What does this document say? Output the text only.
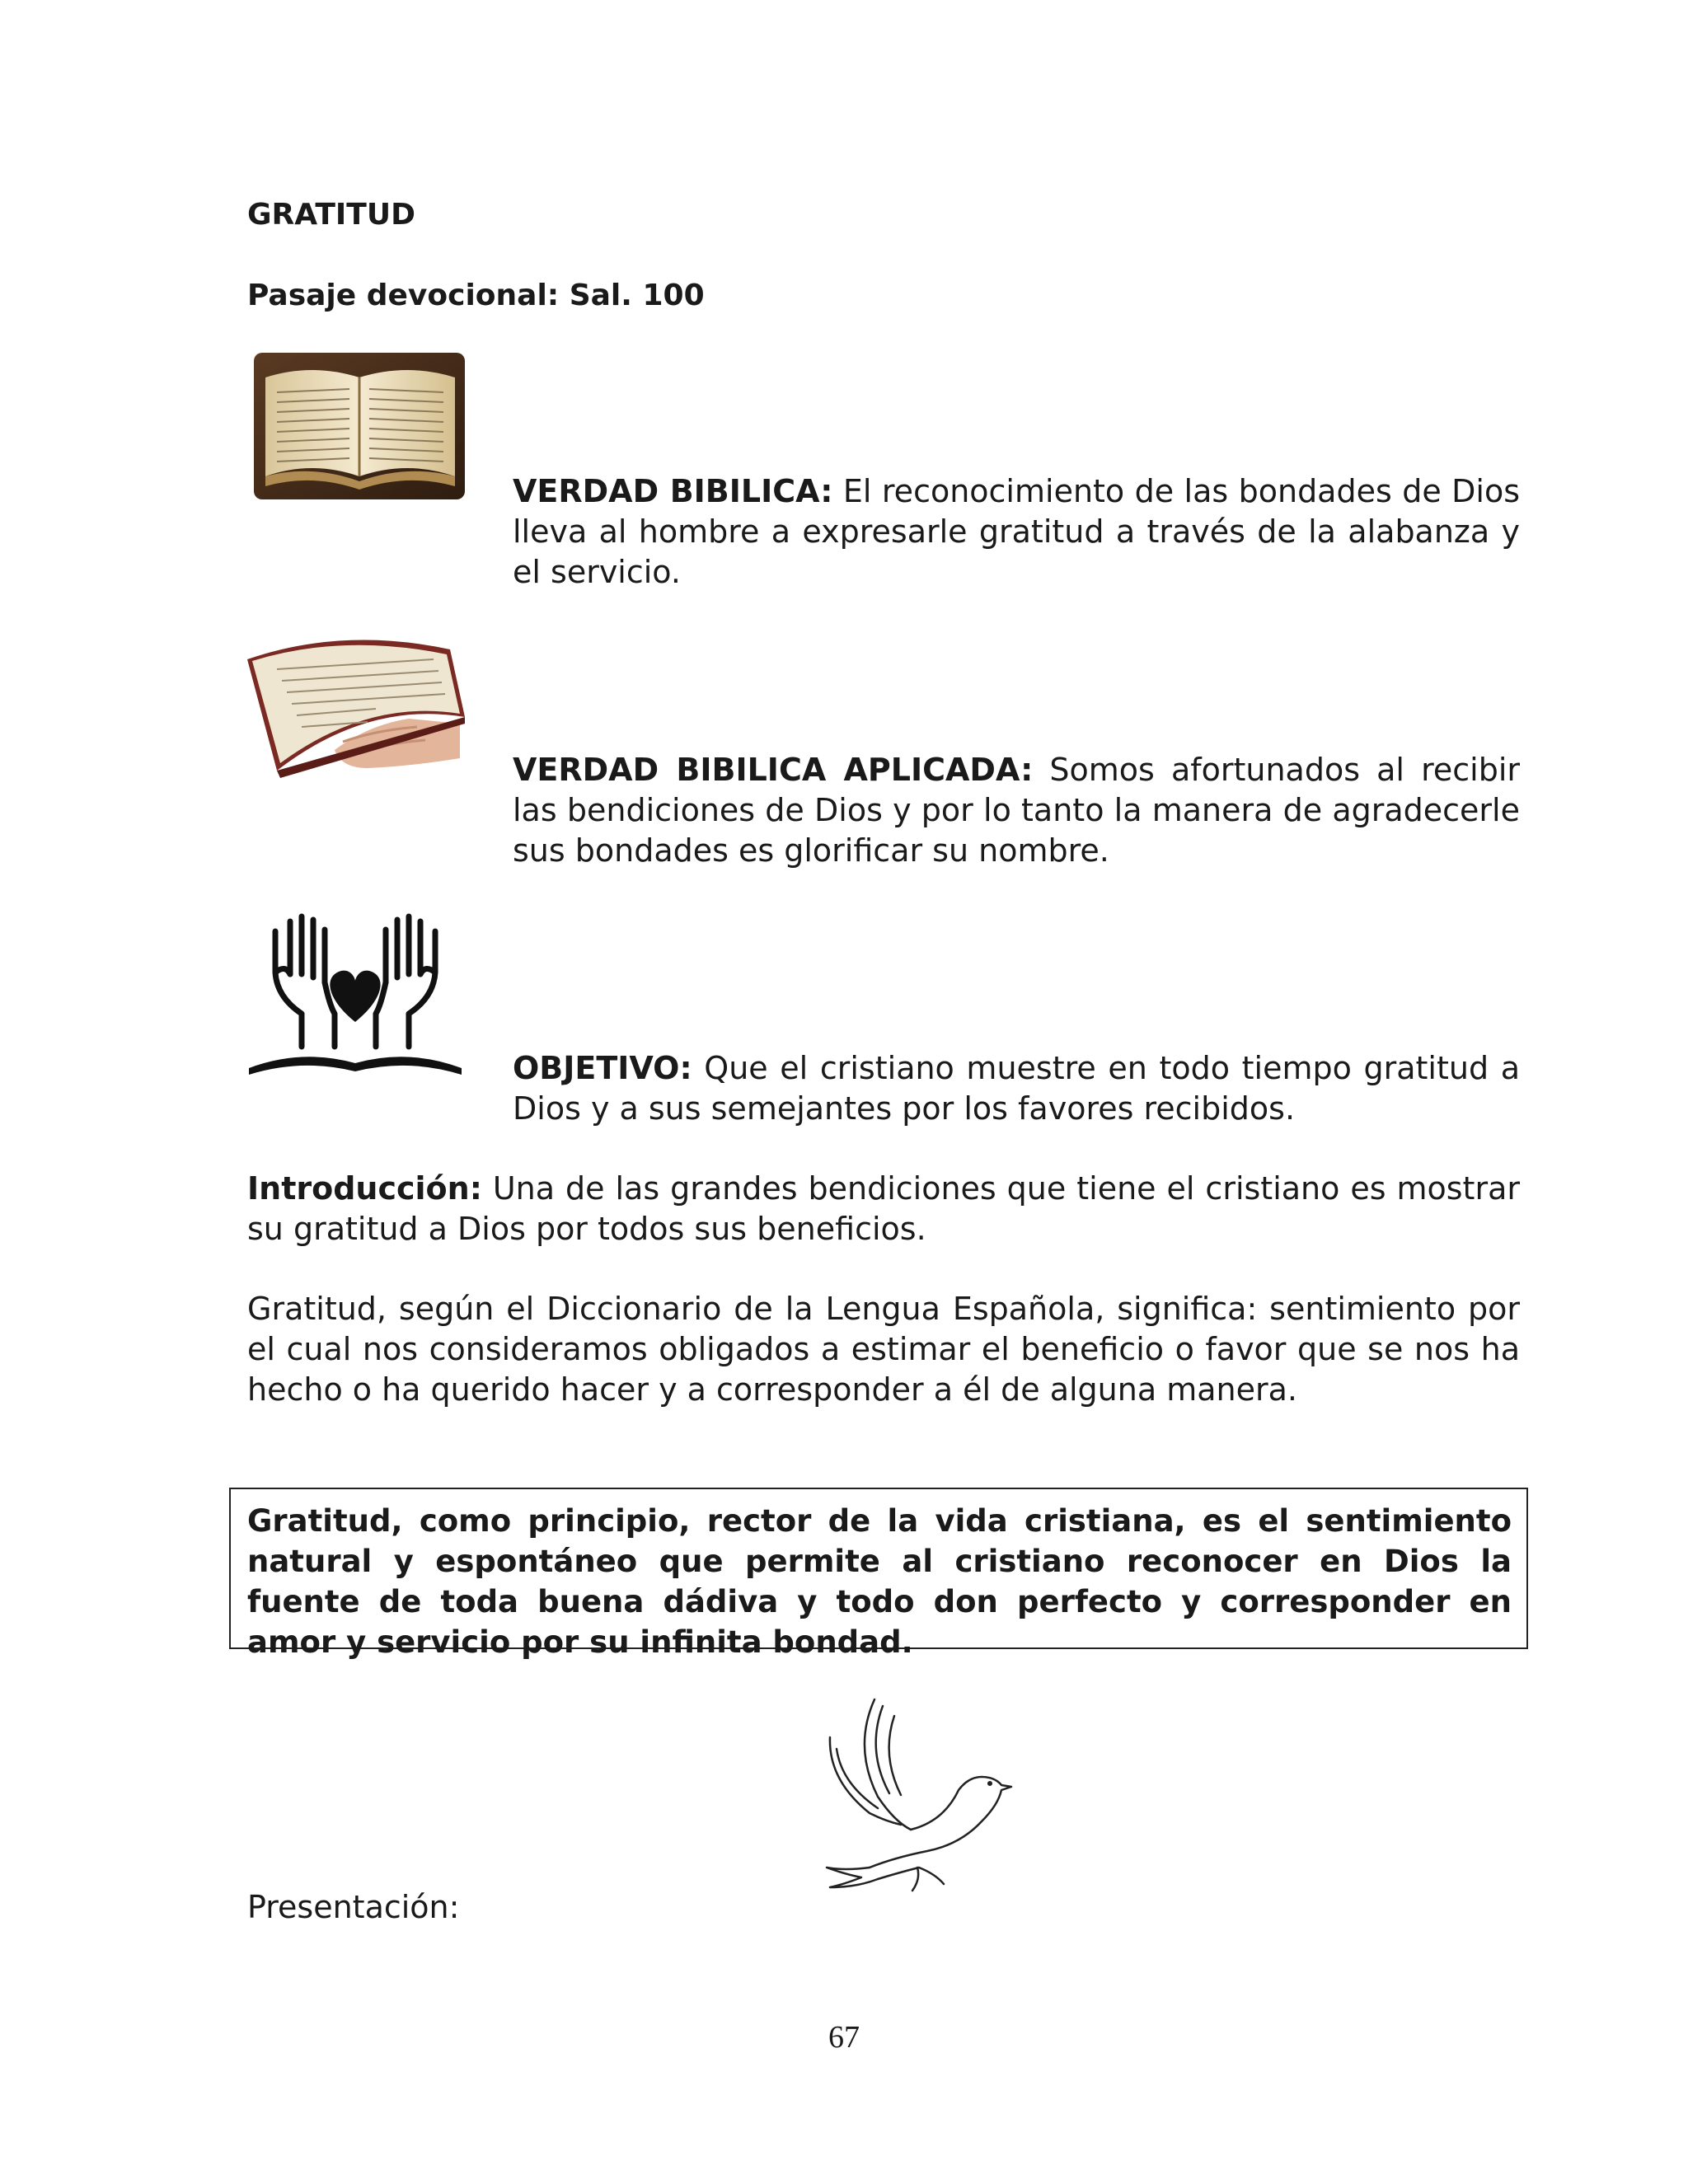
GRATITUD
Pasaje devocional: Sal. 100
VERDAD BIBILICA: El reconocimiento de las bondades de Dios lleva al hombre a expresarle gratitud a través de la alabanza y el servicio.
VERDAD BIBILICA APLICADA: Somos afortunados al recibir las bendiciones de Dios y por lo tanto la manera de agradecerle sus bondades es glorificar su nombre.
OBJETIVO: Que el cristiano muestre en todo tiempo gratitud a Dios y a sus semejantes por los favores recibidos.
Introducción: Una de las grandes bendiciones que tiene el cristiano es mostrar su gratitud a Dios por todos sus beneficios.
Gratitud, según el Diccionario de la Lengua Española, significa: sentimiento por el cual nos consideramos obligados a estimar el beneficio o favor que se nos ha hecho o ha querido hacer y a corresponder a él de alguna manera.
Gratitud, como principio, rector de la vida cristiana, es el sentimiento natural y espontáneo que permite al cristiano reconocer en Dios la fuente de toda buena dádiva y todo don perfecto y corresponder en amor y servicio por su infinita bondad.
Presentación:
67
